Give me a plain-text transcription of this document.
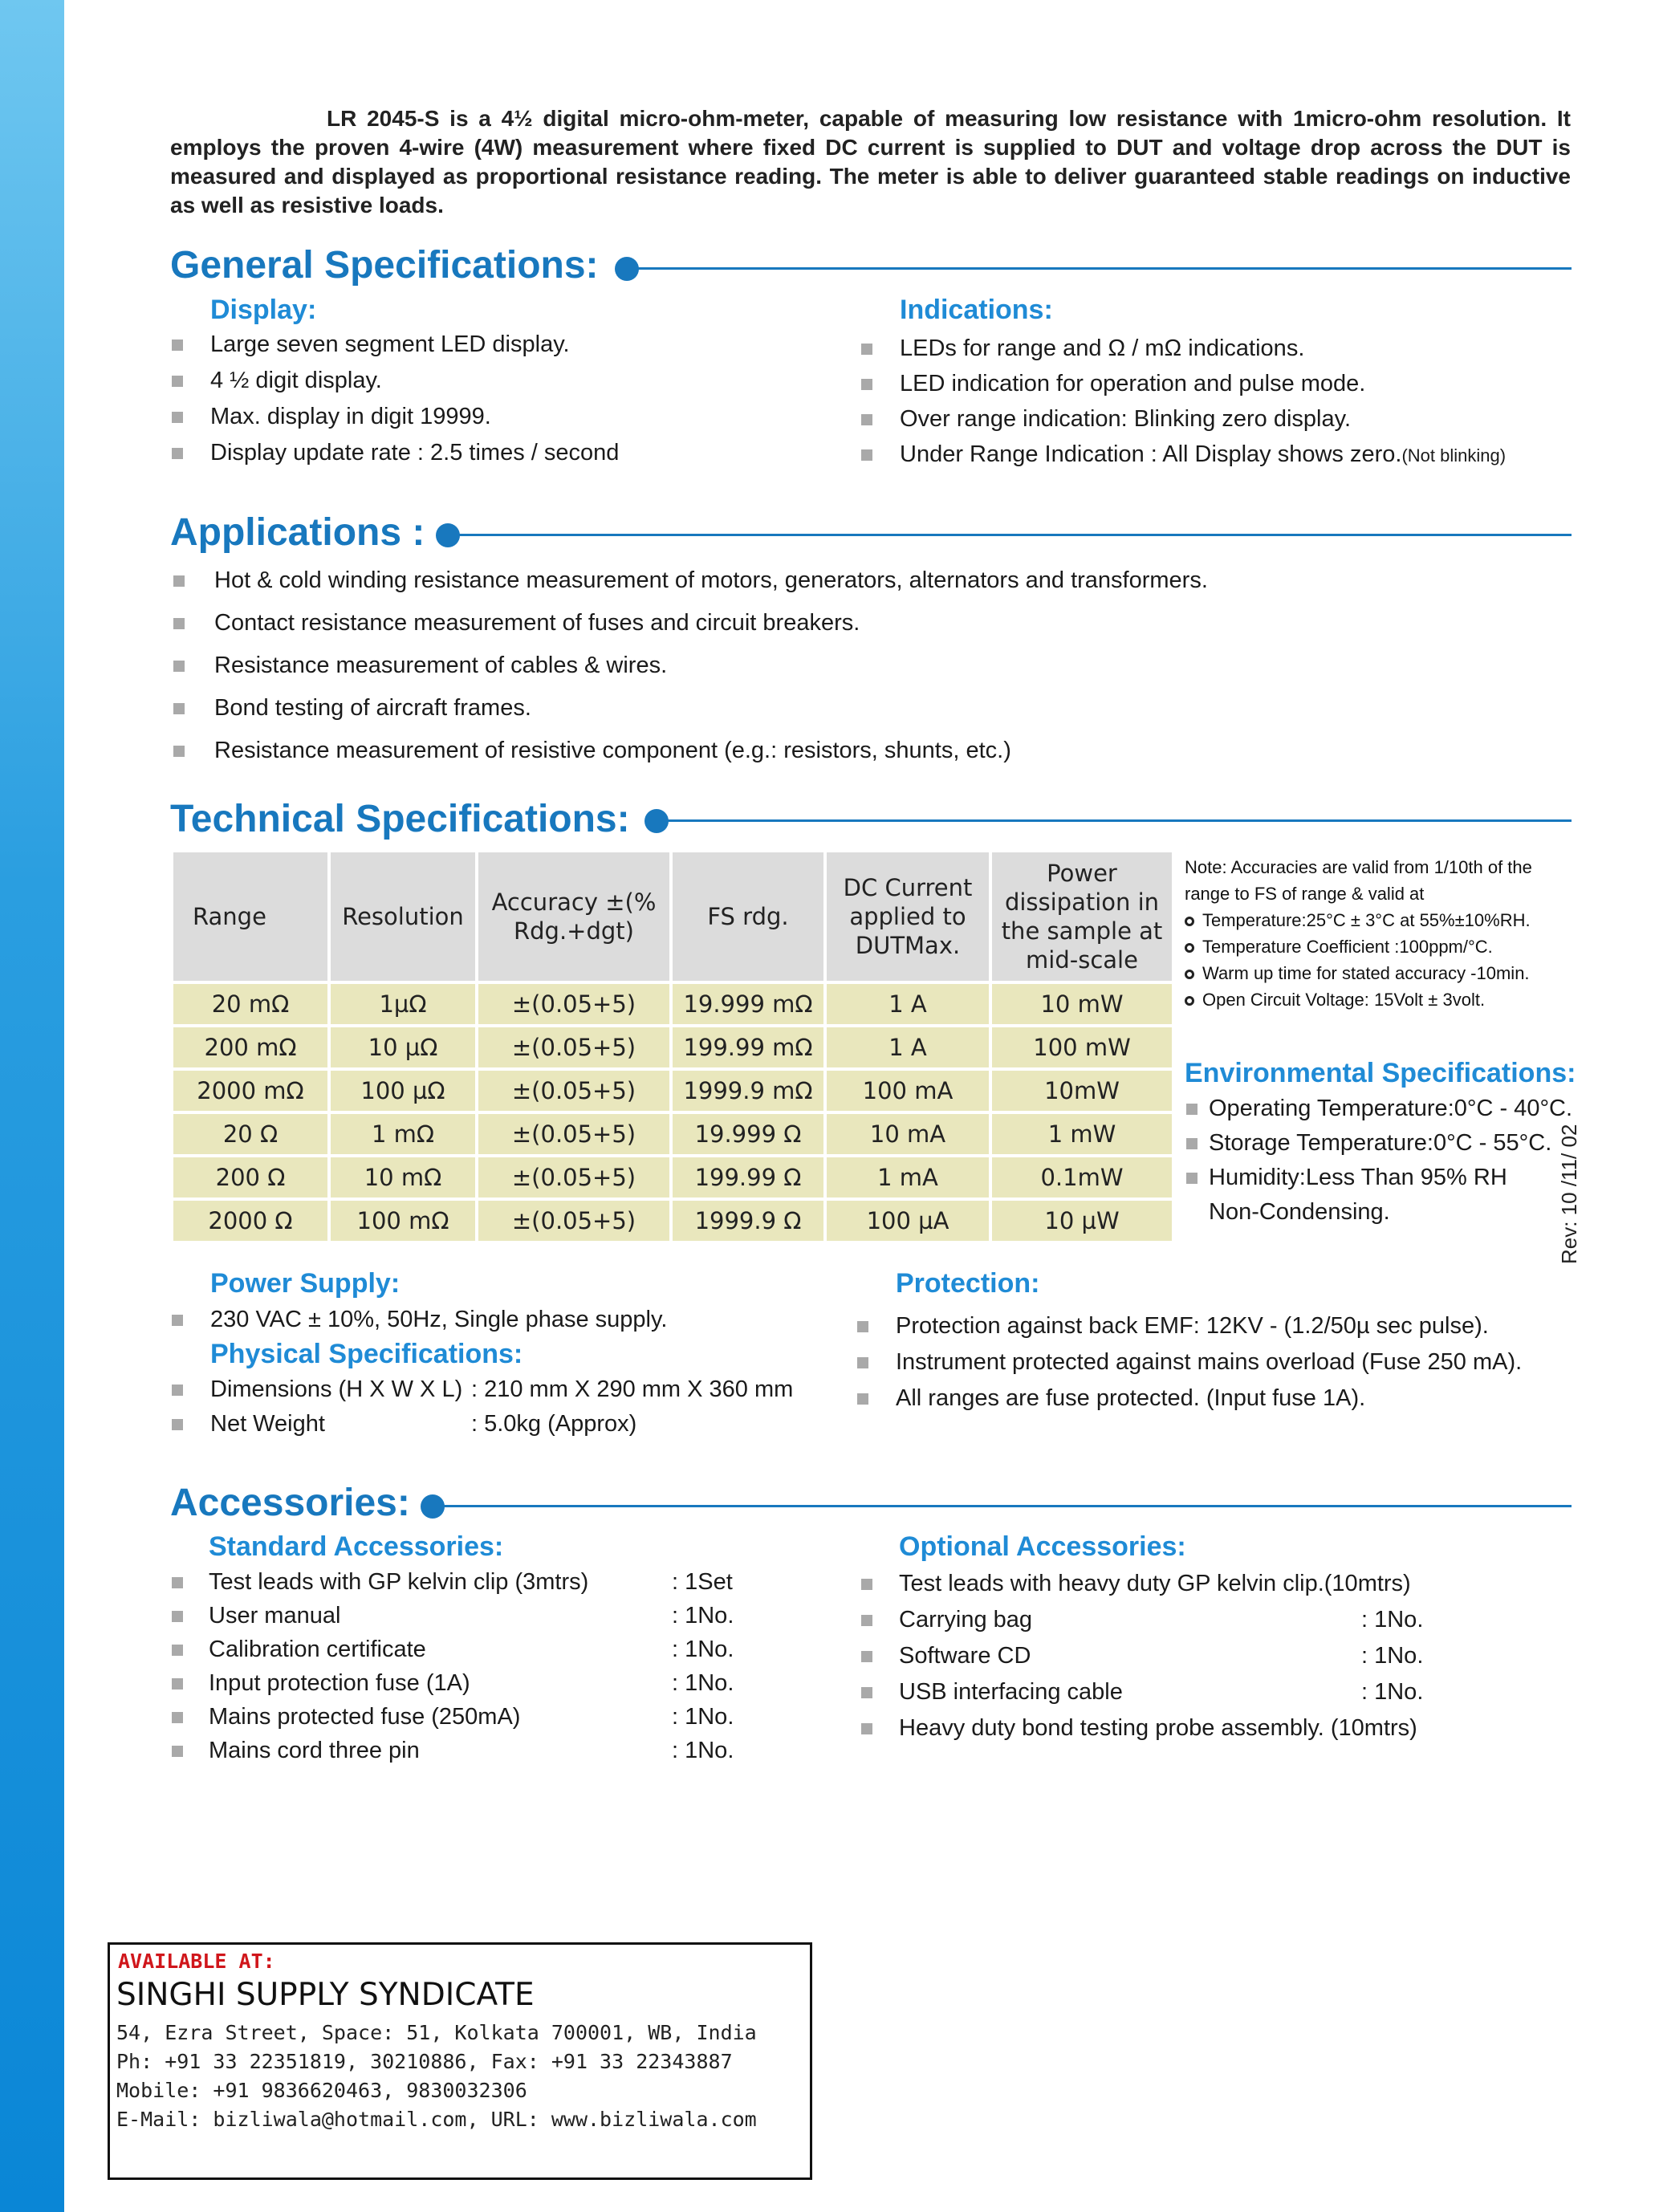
LR 2045-S is a 4½ digital micro-ohm-meter, capable of measuring low resistance with 1micro-ohm resolution. It employs the proven 4-wire (4W) measurement where fixed DC current is supplied to DUT and voltage drop across the DUT is measured and displayed as proportional resistance reading. The meter is able to deliver guaranteed stable readings on inductive as well as resistive loads.
General Specifications:
Display:
Large seven segment LED display.
4 ½ digit display.
Max. display in digit 19999.
Display update rate : 2.5 times / second
Indications:
LEDs for range and Ω / mΩ indications.
LED indication for operation and pulse mode.
Over range indication: Blinking zero display.
Under Range Indication : All Display shows zero.(Not blinking)
Applications :
Hot & cold winding resistance measurement of motors, generators, alternators and transformers.
Contact resistance measurement of fuses and circuit breakers.
Resistance measurement of cables & wires.
Bond testing of aircraft frames.
Resistance measurement of resistive component (e.g.: resistors, shunts, etc.)
Technical Specifications:
Range	Resolution	Accuracy ±(% Rdg.+dgt)	FS rdg.	DC Current applied to DUTMax.	Power dissipation in the sample at mid-scale
20 mΩ	1µΩ	±(0.05+5)	19.999 mΩ	1 A	10 mW
200 mΩ	10 µΩ	±(0.05+5)	199.99 mΩ	1 A	100 mW
2000 mΩ	100 µΩ	±(0.05+5)	1999.9 mΩ	100 mA	10mW
20 Ω	1 mΩ	±(0.05+5)	19.999 Ω	10 mA	1 mW
200 Ω	10 mΩ	±(0.05+5)	199.99 Ω	1 mA	0.1mW
2000 Ω	100 mΩ	±(0.05+5)	1999.9 Ω	100 µA	10 µW
Note: Accuracies are valid from 1/10th of the
range to FS of range & valid at
Temperature:25°C ± 3°C at 55%±10%RH.
Temperature Coefficient :100ppm/°C.
Warm up time for stated accuracy -10min.
Open Circuit Voltage: 15Volt ± 3volt.
Environmental Specifications:
Operating Temperature:0°C - 40°C.
Storage Temperature:0°C - 55°C.
Humidity:Less Than 95% RH
Non-Condensing.	Rev: 10 /11/ 02
Power Supply:
230 VAC ± 10%, 50Hz, Single phase supply.
Physical Specifications:
Dimensions (H X W X L) : 210 mm X 290 mm X 360 mm
Net Weight	: 5.0kg (Approx)
Protection:
Protection against back EMF: 12KV - (1.2/50µ sec pulse).
Instrument protected against mains overload (Fuse 250 mA).
All ranges are fuse protected. (Input fuse 1A).
Accessories:
Standard Accessories:
Test leads with GP kelvin clip (3mtrs)	: 1Set
User manual	: 1No.
Calibration certificate	: 1No.
Input protection fuse (1A)	: 1No.
Mains protected fuse (250mA)	: 1No.
Mains cord three pin	: 1No.
Optional Accessories:
Test leads with heavy duty GP kelvin clip.(10mtrs)
Carrying bag	: 1No.
Software CD	: 1No.
USB interfacing cable	: 1No.
Heavy duty bond testing probe assembly. (10mtrs)
AVAILABLE AT:
SINGHI SUPPLY SYNDICATE
54, Ezra Street, Space: 51, Kolkata 700001, WB, India
Ph: +91 33 22351819, 30210886, Fax: +91 33 22343887
Mobile: +91 9836620463, 9830032306
E-Mail: bizliwala@hotmail.com, URL: www.bizliwala.com
